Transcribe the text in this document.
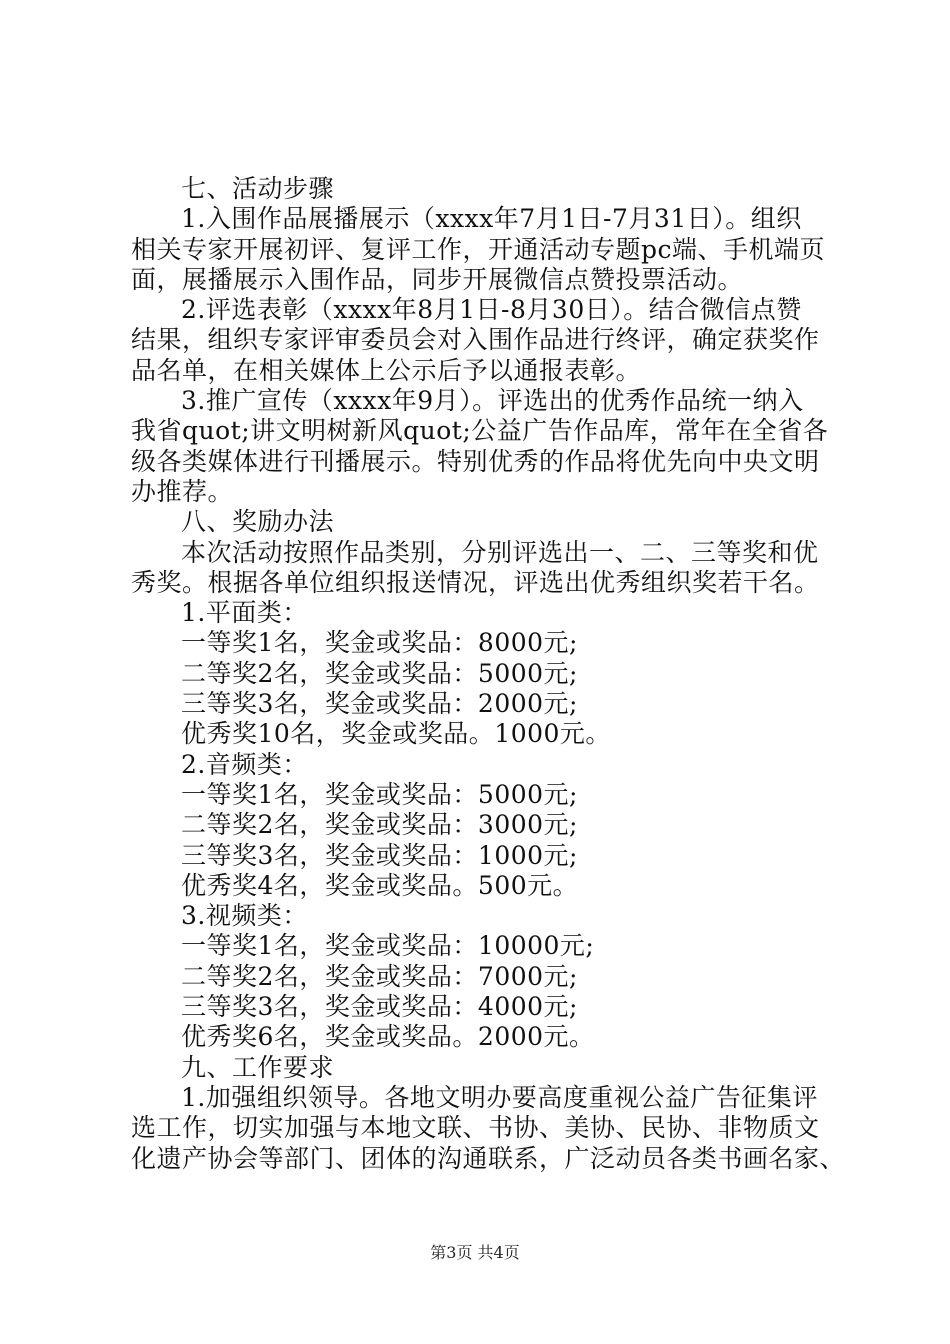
七、活动步骤
1.入围作品展播展示（xxxx年7月1日-7月31日）。组织
相关专家开展初评、复评工作，开通活动专题pc端、手机端页
面，展播展示入围作品，同步开展微信点赞投票活动。
2.评选表彰（xxxx年8月1日-8月30日）。结合微信点赞
结果，组织专家评审委员会对入围作品进行终评，确定获奖作
品名单，在相关媒体上公示后予以通报表彰。
3.推广宣传（xxxx年9月）。评选出的优秀作品统一纳入
我省quot;讲文明树新风quot;公益广告作品库，常年在全省各
级各类媒体进行刊播展示。特别优秀的作品将优先向中央文明
办推荐。
八、奖励办法
本次活动按照作品类别，分别评选出一、二、三等奖和优
秀奖。根据各单位组织报送情况，评选出优秀组织奖若干名。
1.平面类：
一等奖1名，奖金或奖品：8000元;
二等奖2名，奖金或奖品：5000元;
三等奖3名，奖金或奖品：2000元;
优秀奖10名，奖金或奖品。1000元。
2.音频类：
一等奖1名，奖金或奖品：5000元;
二等奖2名，奖金或奖品：3000元;
三等奖3名，奖金或奖品：1000元;
优秀奖4名，奖金或奖品。500元。
3.视频类：
一等奖1名，奖金或奖品：10000元;
二等奖2名，奖金或奖品：7000元;
三等奖3名，奖金或奖品：4000元;
优秀奖6名，奖金或奖品。2000元。
九、工作要求
1.加强组织领导。各地文明办要高度重视公益广告征集评
选工作，切实加强与本地文联、书协、美协、民协、非物质文
化遗产协会等部门、团体的沟通联系，广泛动员各类书画名家、
第3页 共4页
